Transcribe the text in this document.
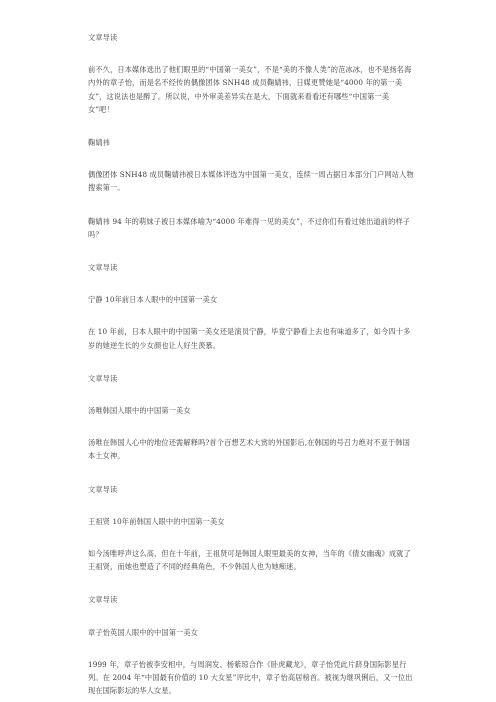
文章导读

前不久，日本媒体选出了他们眼里的“中国第一美女”，不是“美的不像人类”的范冰冰，也不是扬名海内外的章子怡，而是名不经传的偶像团体 SNH48 成员鞠婧祎，日媒更赞她是“4000 年的第一美女”，这说法也是醉了。所以说，中外审美差异实在是大，下面就来看看还有哪些“中国第一美女”吧！

鞠婧祎

偶像团体 SNH48 成员鞠婧祎被日本媒体评选为中国第一美女，连续一周占据日本部分门户网站人物搜索第一。

鞠婧祎 94 年的萌妹子被日本媒体喻为“4000 年难得一见的美女”，不过你们有看过她出道前的样子吗？

文章导读

宁静 10年前日本人眼中的中国第一美女

在 10 年前，日本人眼中的中国第一美女还是演员宁静，毕竟宁静看上去也有味道多了，如今四十多岁的她逆生长的少女颜也让人好生羡慕。

文章导读

汤唯韩国人眼中的中国第一美女

汤唯在韩国人心中的地位还需解释吗?首个百想艺术大赏的外国影后,在韩国的号召力绝对不亚于韩国本土女神。

文章导读

王祖贤 10年前韩国人眼中的中国第一美女

如今汤唯呼声这么高，但在十年前，王祖贤可是韩国人眼里最美的女神，当年的《倩女幽魂》成就了王祖贤，而她也塑造了不同的经典角色，不少韩国人也为她痴迷。

文章导读

章子怡英国人眼中的中国第一美女

1999 年，章子怡被李安相中，与周润发、杨紫琼合作《卧虎藏龙》，章子怡凭此片跻身国际影星行列。在 2004 年“中国最有价值的 10 大女星”评比中，章子怡高居榜首。被视为继巩俐后，又一位出现在国际影坛的华人女星。
